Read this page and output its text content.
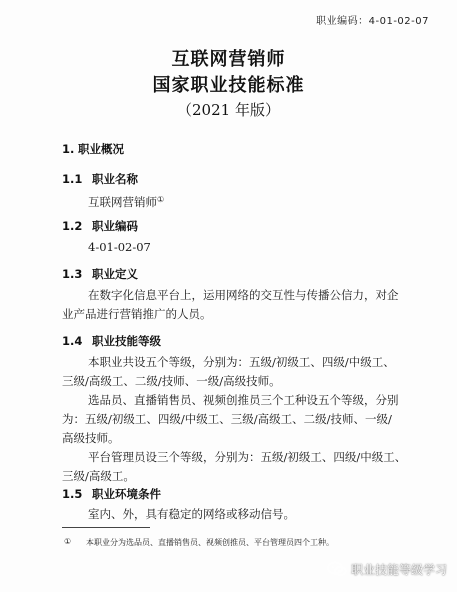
职业编码：4-01-02-07
互联网营销师
国家职业技能标准
（2021 年版）
1. 职业概况
1.1 职业名称
互联网营销师①
1.2 职业编码
4-01-02-07
1.3 职业定义
在数字化信息平台上，运用网络的交互性与传播公信力，对企
业产品进行营销推广的人员。
1.4 职业技能等级
本职业共设五个等级，分别为：五级/初级工、四级/中级工、
三级/高级工、二级/技师、一级/高级技师。
选品员、直播销售员、视频创推员三个工种设五个等级，分别
为：五级/初级工、四级/中级工、三级/高级工、二级/技师、一级/
高级技师。
平台管理员设三个等级，分别为：五级/初级工、四级/中级工、
三级/高级工。
1.5 职业环境条件
室内、外，具有稳定的网络或移动信号。
① 本职业分为选品员、直播销售员、视频创推员、平台管理员四个工种。
职业技能等级学习
